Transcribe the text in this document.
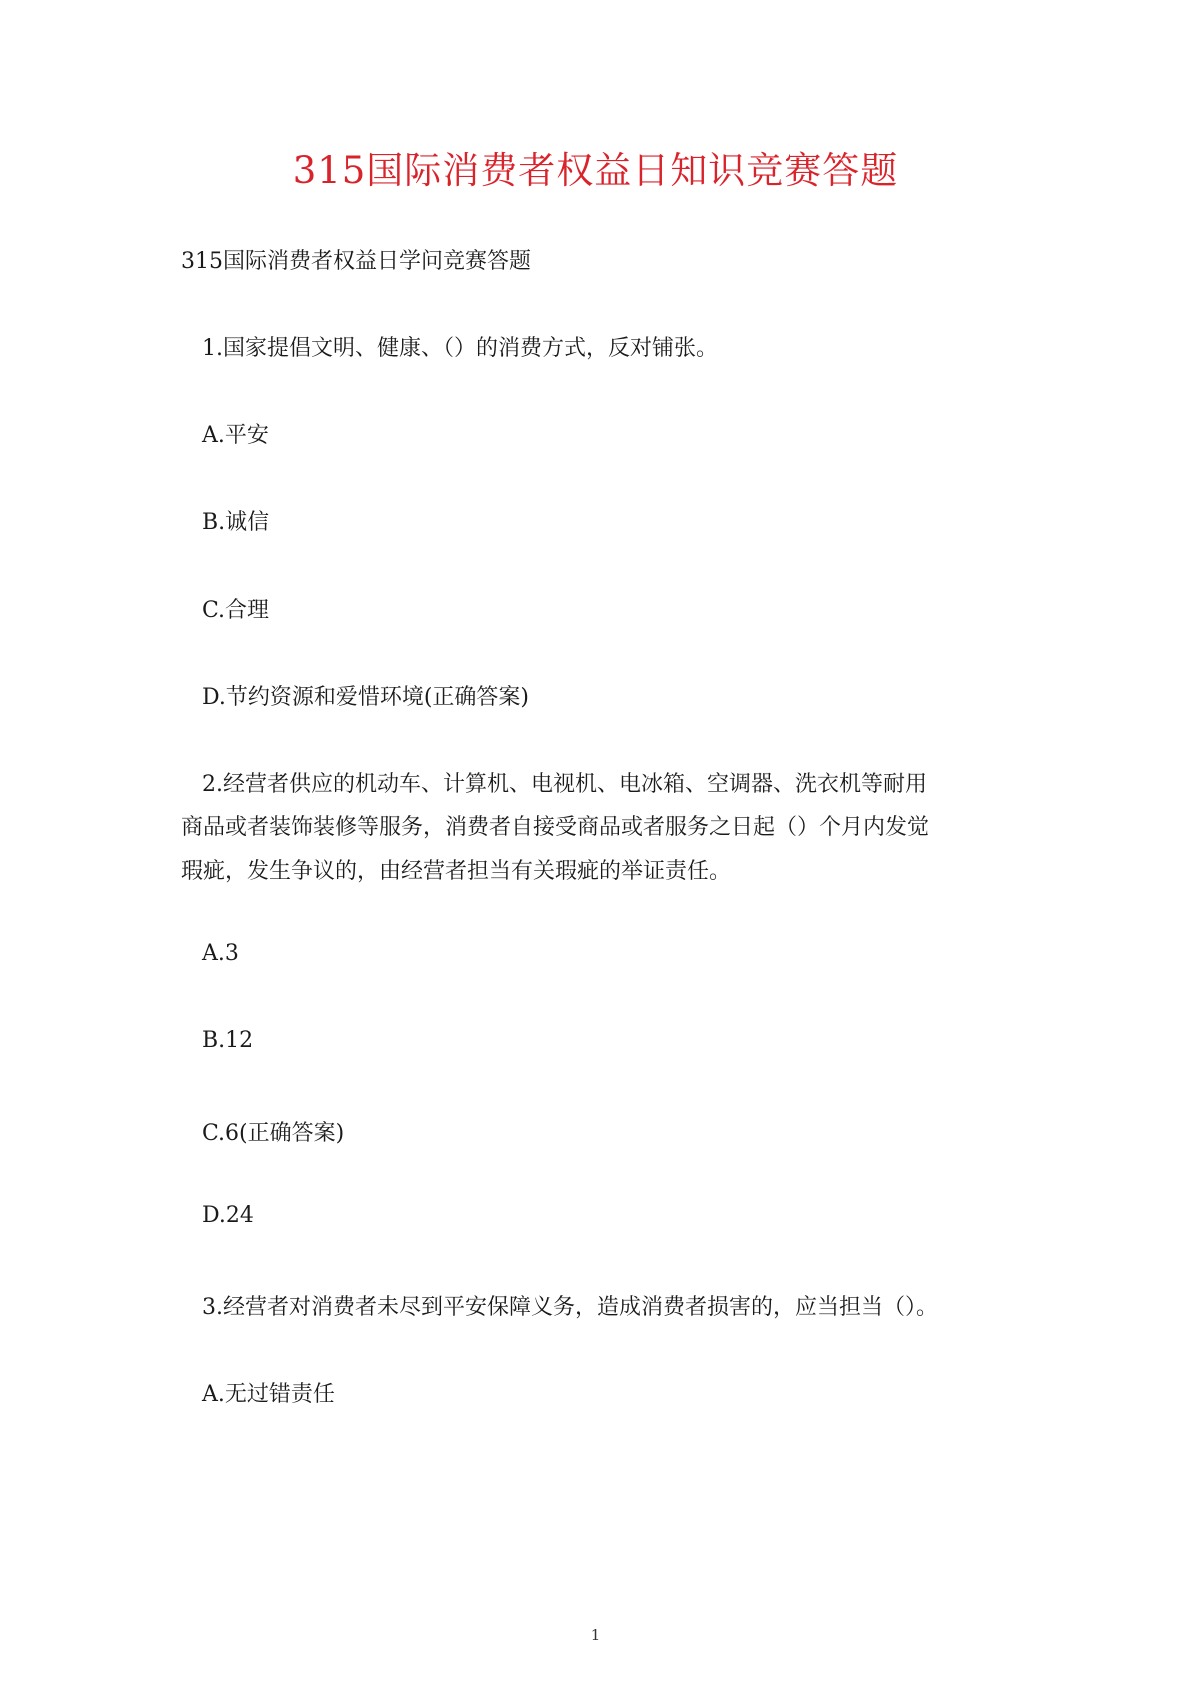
315国际消费者权益日知识竞赛答题
315国际消费者权益日学问竞赛答题
1.国家提倡文明、健康、（）的消费方式，反对铺张。
A.平安
B.诚信
C.合理
D.节约资源和爱惜环境(正确答案)
2.经营者供应的机动车、计算机、电视机、电冰箱、空调器、洗衣机等耐用
商品或者装饰装修等服务，消费者自接受商品或者服务之日起（）个月内发觉
瑕疵，发生争议的，由经营者担当有关瑕疵的举证责任。
A.3
B.12
C.6(正确答案)
D.24
3.经营者对消费者未尽到平安保障义务，造成消费者损害的，应当担当（）。
A.无过错责任
1
